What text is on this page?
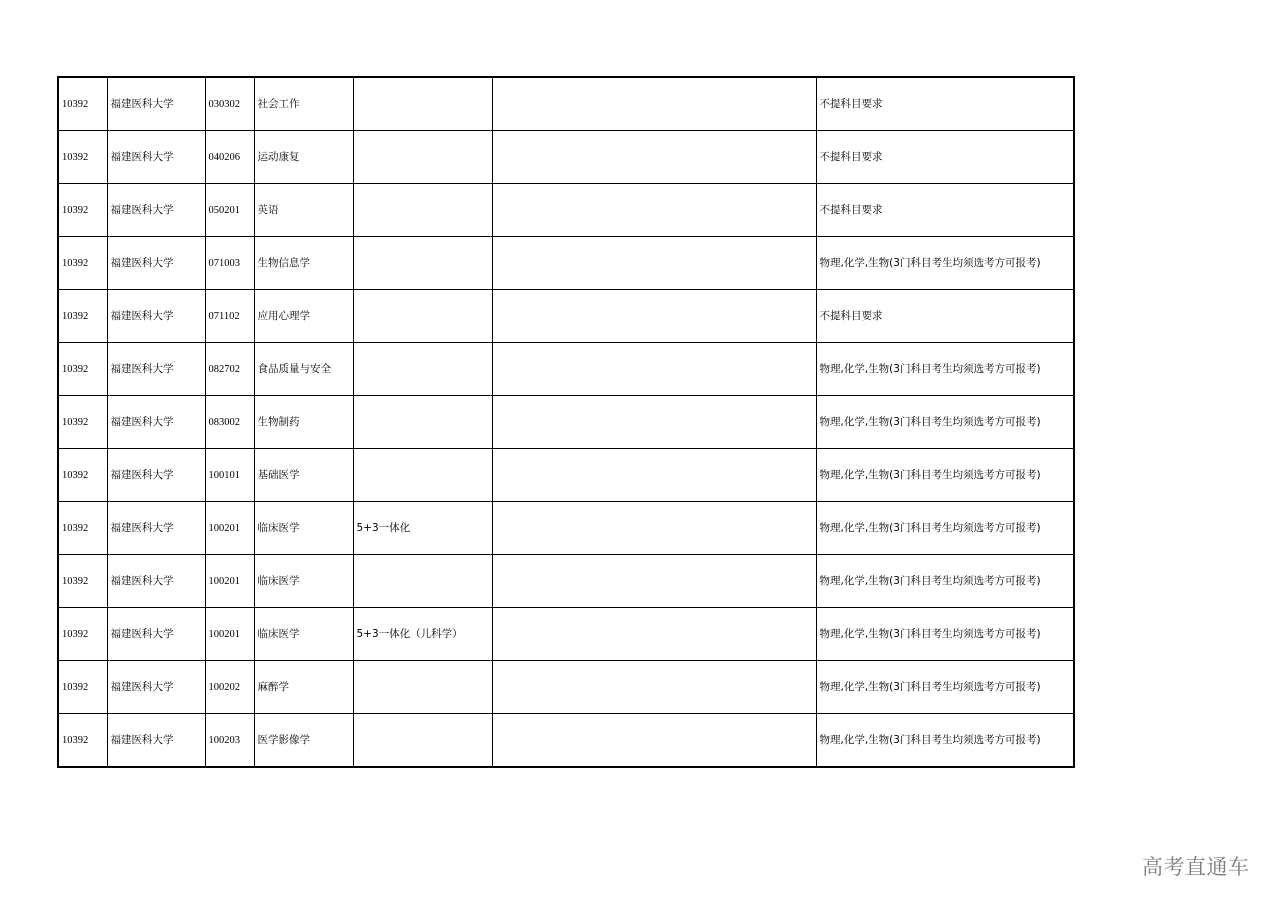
10392	福建医科大学	030302	社会工作			不提科目要求
10392	福建医科大学	040206	运动康复			不提科目要求
10392	福建医科大学	050201	英语			不提科目要求
10392	福建医科大学	071003	生物信息学			物理,化学,生物(3门科目考生均须选考方可报考)
10392	福建医科大学	071102	应用心理学			不提科目要求
10392	福建医科大学	082702	食品质量与安全			物理,化学,生物(3门科目考生均须选考方可报考)
10392	福建医科大学	083002	生物制药			物理,化学,生物(3门科目考生均须选考方可报考)
10392	福建医科大学	100101	基础医学			物理,化学,生物(3门科目考生均须选考方可报考)
10392	福建医科大学	100201	临床医学	5+3一体化		物理,化学,生物(3门科目考生均须选考方可报考)
10392	福建医科大学	100201	临床医学			物理,化学,生物(3门科目考生均须选考方可报考)
10392	福建医科大学	100201	临床医学	5+3一体化（儿科学）		物理,化学,生物(3门科目考生均须选考方可报考)
10392	福建医科大学	100202	麻醉学			物理,化学,生物(3门科目考生均须选考方可报考)
10392	福建医科大学	100203	医学影像学			物理,化学,生物(3门科目考生均须选考方可报考)
高考直通车
